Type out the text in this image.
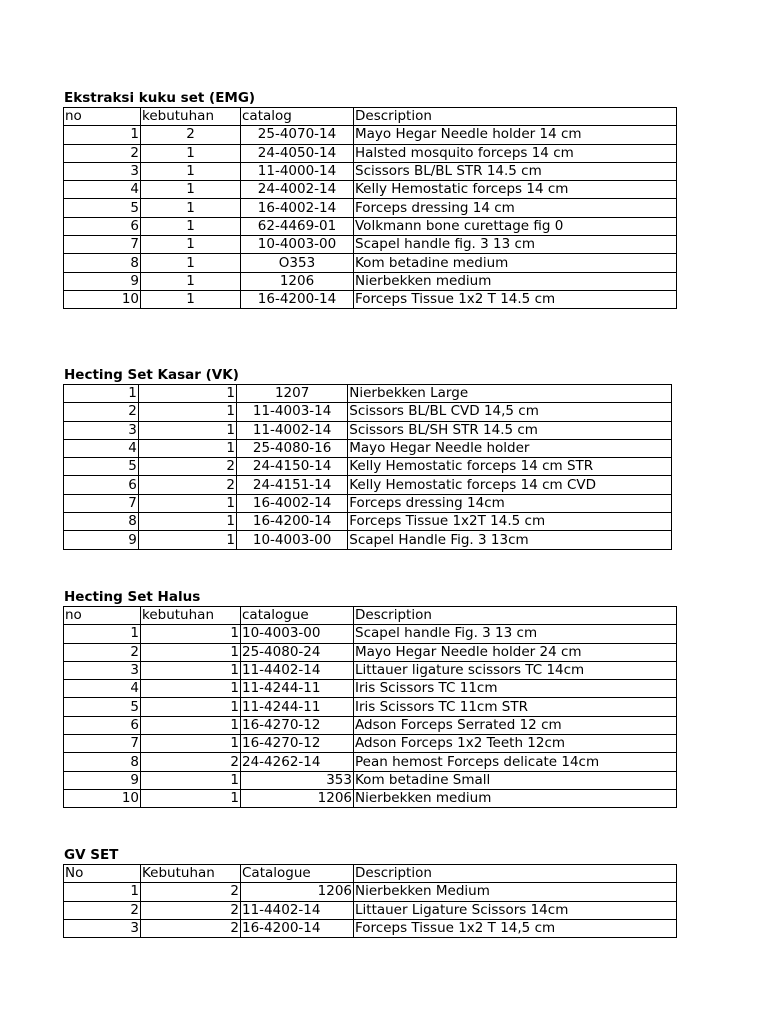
Ekstraksi kuku set (EMG)
no	kebutuhan	catalog	Description
1	2	25-4070-14	Mayo Hegar Needle holder 14 cm
2	1	24-4050-14	Halsted mosquito forceps 14 cm
3	1	11-4000-14	Scissors BL/BL STR 14.5 cm
4	1	24-4002-14	Kelly Hemostatic forceps 14 cm
5	1	16-4002-14	Forceps dressing 14 cm
6	1	62-4469-01	Volkmann bone curettage fig 0
7	1	10-4003-00	Scapel handle fig. 3 13 cm
8	1	O353	Kom betadine medium
9	1	1206	Nierbekken medium
10	1	16-4200-14	Forceps Tissue 1x2 T 14.5 cm
Hecting Set Kasar (VK)

1	1	1207	Nierbekken Large
2	1	11-4003-14	Scissors BL/BL CVD 14,5 cm
3	1	11-4002-14	Scissors BL/SH STR 14.5 cm
4	1	25-4080-16	Mayo Hegar Needle holder
5	2	24-4150-14	Kelly Hemostatic forceps 14 cm STR
6	2	24-4151-14	Kelly Hemostatic forceps 14 cm CVD
7	1	16-4002-14	Forceps dressing 14cm
8	1	16-4200-14	Forceps Tissue 1x2T 14.5 cm
9	1	10-4003-00	Scapel Handle Fig. 3 13cm
Hecting Set Halus
no	kebutuhan	catalogue	Description
1	1	10-4003-00	Scapel handle Fig. 3 13 cm
2	1	25-4080-24	Mayo Hegar Needle holder 24 cm
3	1	11-4402-14	Littauer ligature scissors TC 14cm
4	1	11-4244-11	Iris Scissors TC 11cm
5	1	11-4244-11	Iris Scissors TC 11cm STR
6	1	16-4270-12	Adson Forceps Serrated 12 cm
7	1	16-4270-12	Adson Forceps 1x2 Teeth 12cm
8	2	24-4262-14	Pean hemost Forceps delicate 14cm
9	1	353	Kom betadine Small
10	1	1206	Nierbekken medium
GV SET
No	Kebutuhan	Catalogue	Description
1	2	1206	Nierbekken Medium
2	2	11-4402-14	Littauer Ligature Scissors 14cm
3	2	16-4200-14	Forceps Tissue 1x2 T 14,5 cm
